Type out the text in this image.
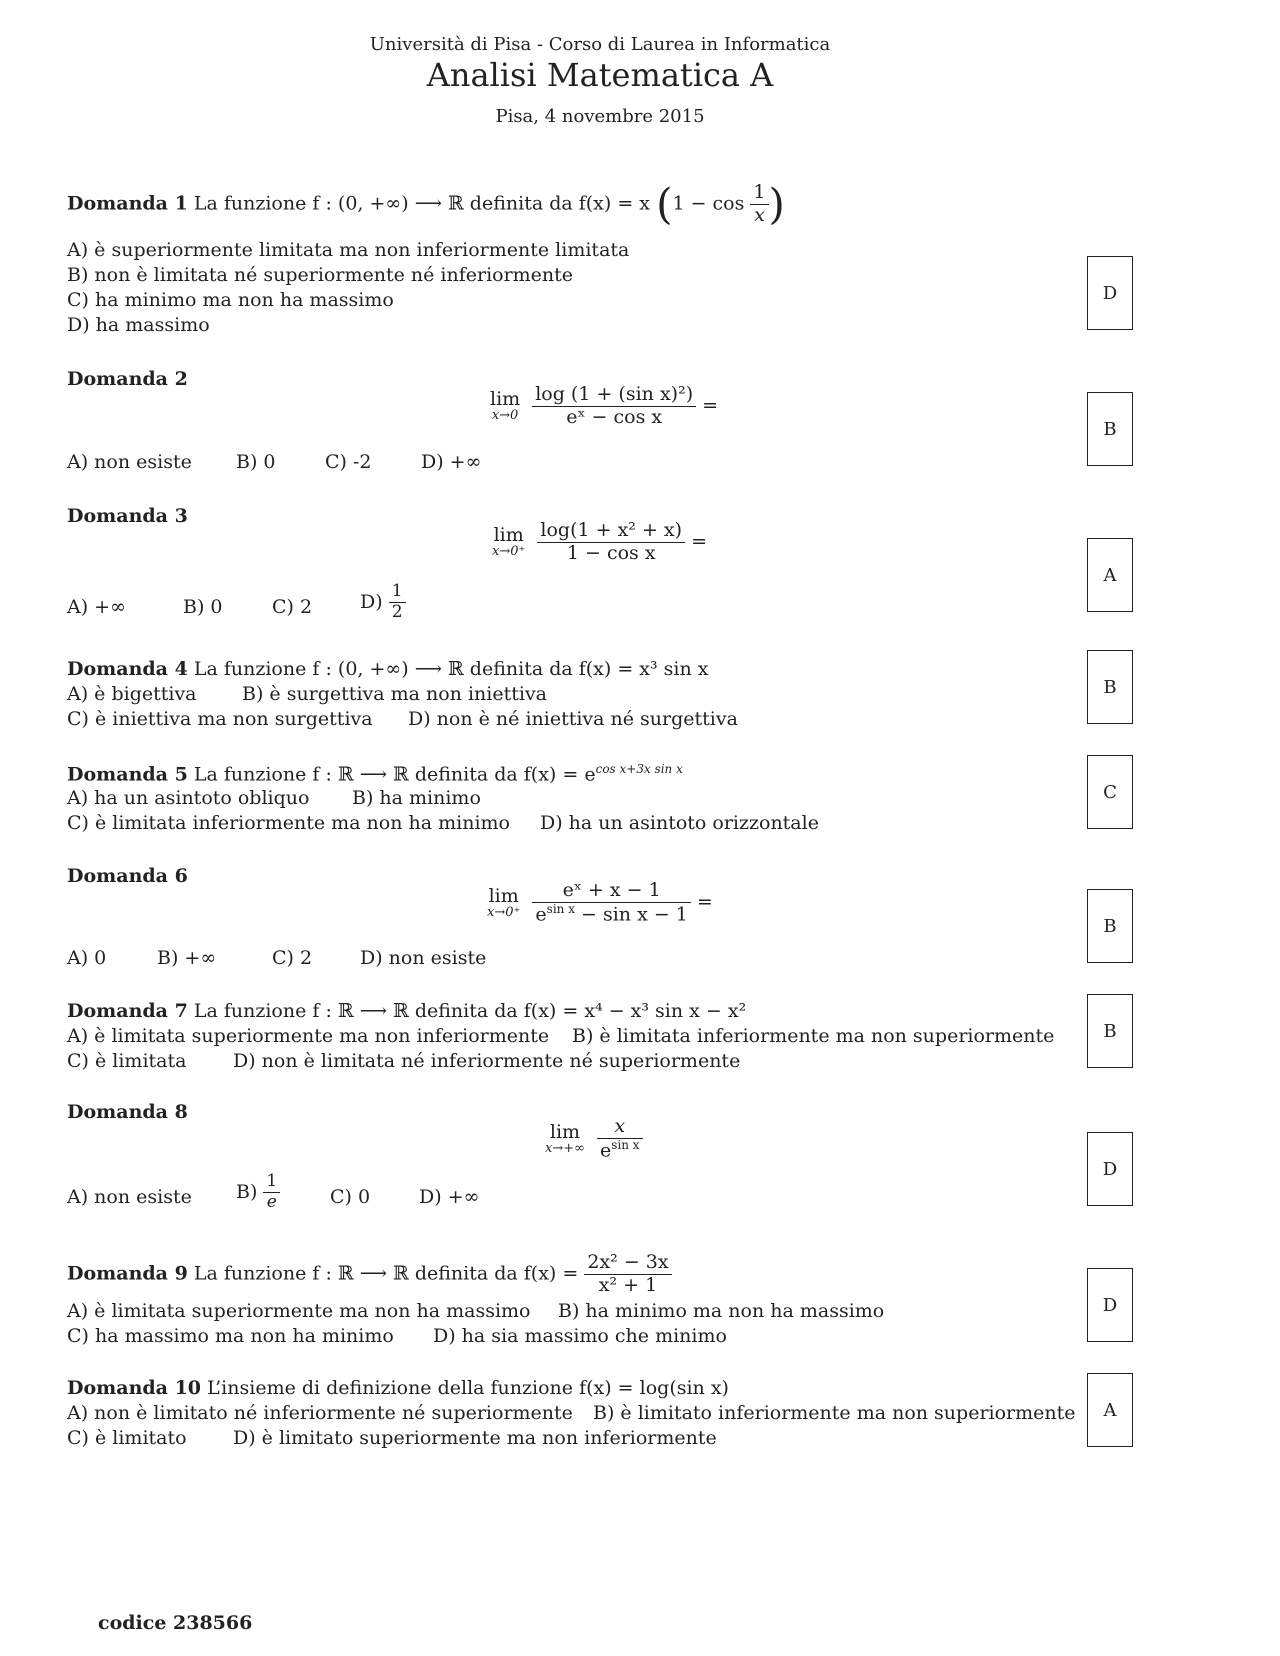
Università di Pisa - Corso di Laurea in Informatica
Analisi Matematica A
Pisa, 4 novembre 2015
Domanda 1 La funzione f : (0, +∞) ⟶ ℝ definita da f(x) = x ($1 - \cos \frac{1}{x}$ )
A) è superiormente limitata ma non inferiormente limitata
B) non è limitata né superiormente né inferiormente
C) ha minimo ma non ha massimo
D) ha massimo
D
Domanda 2
lim
x→0
$\frac{\text{log (1 + (sin x)²)}}{\text{eˣ − cos x}}$ =
A) non esiste B) 0	C) -2	D) +∞
B
Domanda 3
lim
x→0⁺
$\frac{\text{log(1 + x² + x)}}{\text{1 − cos x}}$ =
A) +∞	B) 0	C) 2	$D) \frac{1}{2}$
A
Domanda 4 La funzione f : (0, +∞) ⟶ ℝ definita da f(x) = x³ sin x
A) è bigettiva B) è surgettiva ma non iniettiva
C) è iniettiva ma non surgettiva D) non è né iniettiva né surgettiva
B
Domanda 5 La funzione f : ℝ ⟶ ℝ definita da $f(x) = e^{cos x+3x sin x}$
A) ha un asintoto obliquo B) ha minimo
C) è limitata inferiormente ma non ha minimo D) ha un asintoto orizzontale
C
Domanda 6
lim
x→0⁺
$\frac{\text{eˣ + x − 1}}{e^{sin x} - \sin x - 1}$ =
A) 0	B) +∞	C) 2	D) non esiste
B
Domanda 7 La funzione f : ℝ ⟶ ℝ definita da f(x) = x⁴ − x³ sin x − x²
A) è limitata superiormente ma non inferiormente B) è limitata inferiormente ma non superiormente
C) è limitata D) non è limitata né inferiormente né superiormente
B
Domanda 8
lim
x→+∞
$\frac{x}{e^{sin x}}$
A) non esiste $B) \frac{1}{e}$	C) 0	D) +∞
D
Domanda 9 La funzione f : ℝ ⟶ ℝ definita da $f(x) = \frac{\text{2x² − 3x}}{\text{x² + 1}}$
A) è limitata superiormente ma non ha massimo B) ha minimo ma non ha massimo
C) ha massimo ma non ha minimo D) ha sia massimo che minimo
D
Domanda 10 L’insieme di definizione della funzione f(x) = log(sin x)
A) non è limitato né inferiormente né superiormente B) è limitato inferiormente ma non superiormente
C) è limitato D) è limitato superiormente ma non inferiormente
A
codice 238566
